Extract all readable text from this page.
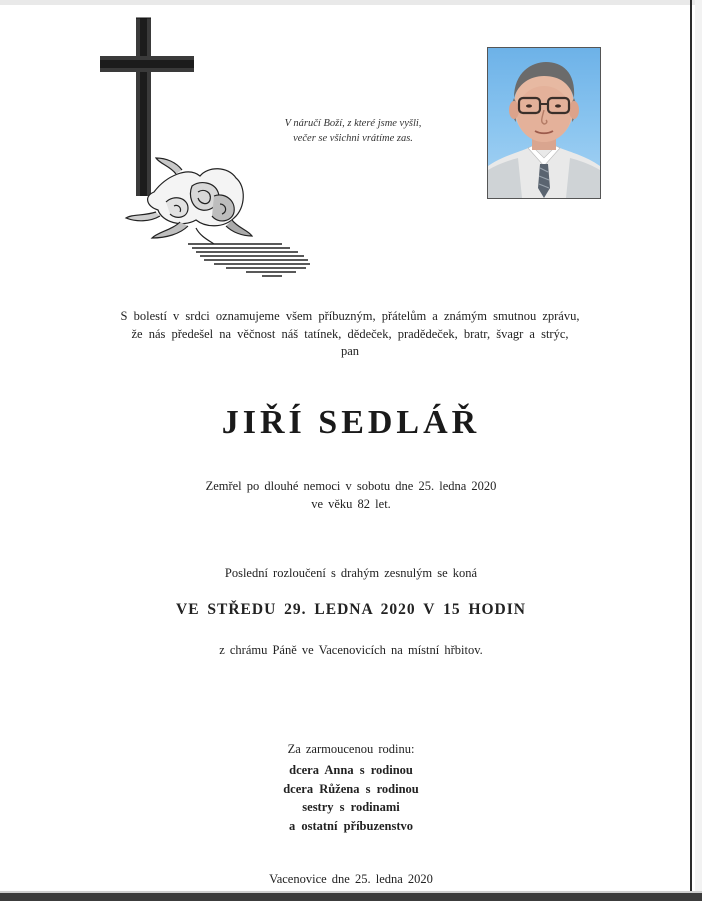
V náručí Boží, z které jsme vyšli,
večer se všichni vrátíme zas.
S bolestí v srdci oznamujeme všem příbuzným, přátelům a známým smutnou zprávu,
že nás předešel na věčnost náš tatínek, dědeček, pradědeček, bratr, švagr a strýc,
pan
JIŘÍ SEDLÁŘ
Zemřel po dlouhé nemoci v sobotu dne 25. ledna 2020
ve věku 82 let.
Poslední rozloučení s drahým zesnulým se koná
VE STŘEDU 29. LEDNA 2020 V 15 HODIN
z chrámu Páně ve Vacenovicích na místní hřbitov.
Za zarmoucenou rodinu:
dcera Anna s rodinou
dcera Růžena s rodinou
sestry s rodinami
a ostatní příbuzenstvo
Vacenovice dne 25. ledna 2020
